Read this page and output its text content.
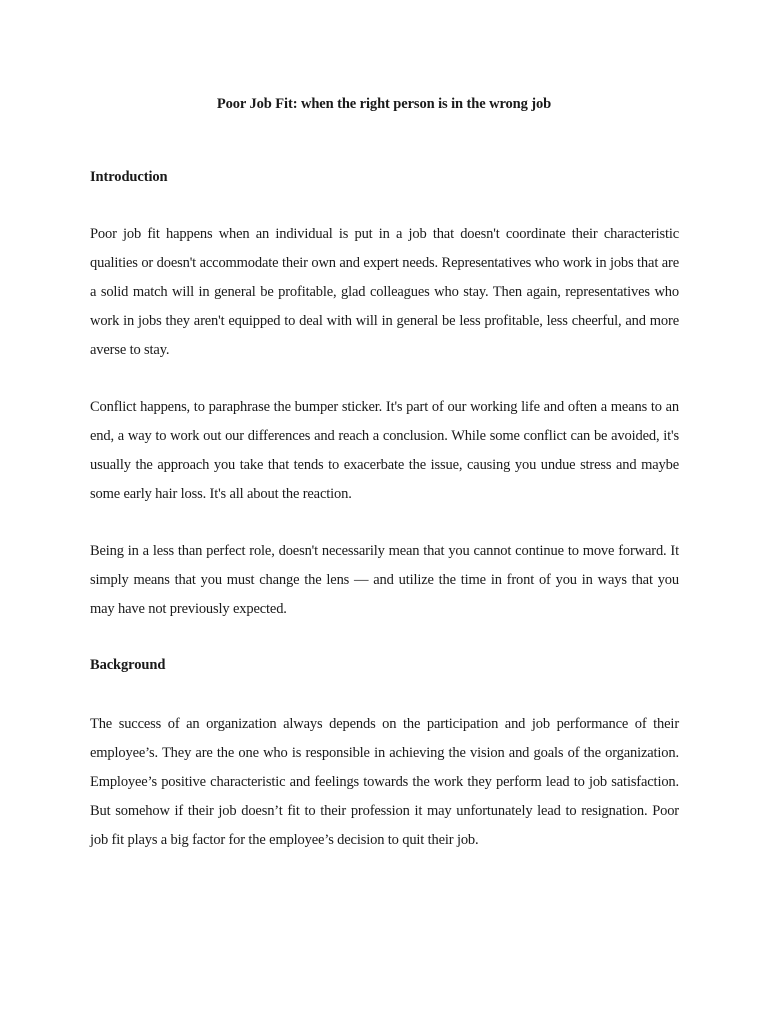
Poor Job Fit: when the right person is in the wrong job
Introduction

Poor job fit happens when an individual is put in a job that doesn't coordinate their characteristic qualities or doesn't accommodate their own and expert needs. Representatives who work in jobs that are a solid match will in general be profitable, glad colleagues who stay. Then again, representatives who work in jobs they aren't equipped to deal with will in general be less profitable, less cheerful, and more averse to stay.

Conflict happens, to paraphrase the bumper sticker. It's part of our working life and often a means to an end, a way to work out our differences and reach a conclusion. While some conflict can be avoided, it's usually the approach you take that tends to exacerbate the issue, causing you undue stress and maybe some early hair loss. It's all about the reaction.

Being in a less than perfect role, doesn't necessarily mean that you cannot continue to move forward. It simply means that you must change the lens — and utilize the time in front of you in ways that you may have not previously expected.

Background

The success of an organization always depends on the participation and job performance of their employee’s. They are the one who is responsible in achieving the vision and goals of the organization. Employee’s positive characteristic and feelings towards the work they perform lead to job satisfaction. But somehow if their job doesn’t fit to their profession it may unfortunately lead to resignation. Poor job fit plays a big factor for the employee’s decision to quit their job.
